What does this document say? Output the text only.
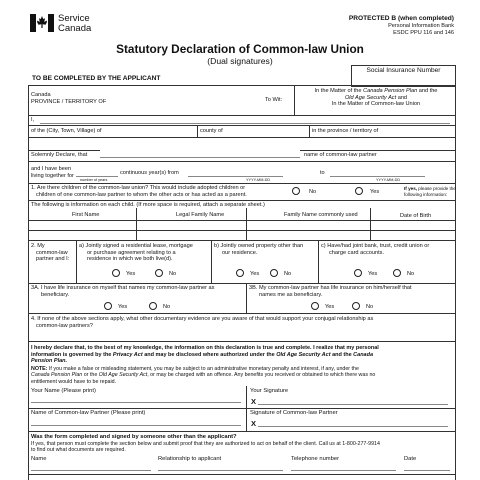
Service
Canada
PROTECTED B (when completed)
Personal Information Bank
ESDC PPU 116 and 146
Statutory Declaration of Common-law Union
(Dual signatures)
Social Insurance Number
TO BE COMPLETED BY THE APPLICANT
Canada
PROVINCE / TERRITORY OF	To Wit:
In the Matter of the Canada Pension Plan and the
Old Age Security Act and
In the Matter of Common-law Union
I,
of the (City, Town, Village) of	county of	in the province / territory of
Solemnly Declare, that	name of common-law partner
and I have been
living together for
number of years
continuous year(s) from
YYYY-MM-DD
to
YYYY-MM-DD
1. Are there children of the common-law union? This would include adopted children or
children of one common-law partner to whom the other acts or has acted as a parent.	No	Yes
If yes, please provide the
following information:
The following is information on each child. (If more space is required, attach a separate sheet.)
First Name	Legal Family Name	Family Name commonly used	Date of Birth
2. My
common-law
partner and I:
a) Jointly signed a residential lease, mortgage
or purchase agreement relating to a
residence in which we both live(d).
b) Jointly owned property other than
our residence.
c) Have/had joint bank, trust, credit union or
charge card accounts.
Yes	No	Yes	No	Yes	No
3A. I have life insurance on myself that names my common-law partner as
beneficiary.
3B. My common-law partner has life insurance on him/herself that
names me as beneficiary.
Yes	No	Yes	No
4. If none of the above sections apply, what other documentary evidence are you aware of that would support your conjugal relationship as
common-law partners?
I hereby declare that, to the best of my knowledge, the information on this declaration is true and complete. I realize that my personal
information is governed by the Privacy Act and may be disclosed where authorized under the Old Age Security Act and the Canada
Pension Plan.
NOTE: If you make a false or misleading statement, you may be subject to an administrative monetary penalty and interest, if any, under the
Canada Pension Plan or the Old Age Security Act, or may be charged with an offence. Any benefits you received or obtained to which there was no
entitlement would have to be repaid.
Your Name (Please print)	Your Signature
X
Name of Common-law Partner (Please print)	Signature of Common-law Partner
X
Was the form completed and signed by someone other than the applicant?
If yes, that person must complete the section below and submit proof that they are authorized to act on behalf of the client. Call us at 1-800-277-9914
to find out what documents are required.
Name	Relationship to applicant	Telephone number	Date
